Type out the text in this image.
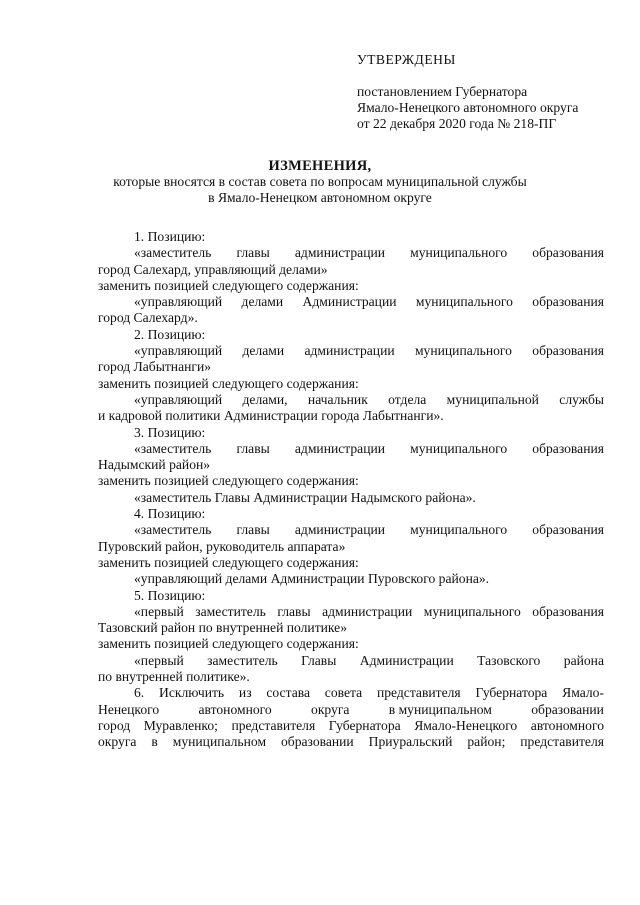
УТВЕРЖДЕНЫ
постановлением Губернатора
Ямало-Ненецкого автономного округа
от 22 декабря 2020 года № 218-ПГ
ИЗМЕНЕНИЯ,
которые вносятся в состав совета по вопросам муниципальной службы
в Ямало-Ненецком автономном округе

1. Позицию:

«заместитель главы администрации муниципального образования

город Салехард, управляющий делами»

заменить позицией следующего содержания:

«управляющий делами Администрации муниципального образования

город Салехард».

2. Позицию:

«управляющий делами администрации муниципального образования

город Лабытнанги»

заменить позицией следующего содержания:

«управляющий делами, начальник отдела муниципальной службы

и кадровой политики Администрации города Лабытнанги».

3. Позицию:

«заместитель главы администрации муниципального образования

Надымский район»

заменить позицией следующего содержания:

«заместитель Главы Администрации Надымского района».

4. Позицию:

«заместитель главы администрации муниципального образования

Пуровский район, руководитель аппарата»

заменить позицией следующего содержания:

«управляющий делами Администрации Пуровского района».

5. Позицию:

«первый заместитель главы администрации муниципального образования

Тазовский район по внутренней политике»

заменить позицией следующего содержания:

«первый заместитель Главы Администрации Тазовского района

по внутренней политике».

6. Исключить из состава совета представителя Губернатора Ямало-

Ненецкого	автономного	округа	в муниципальном	образовании

город Муравленко; представителя Губернатора Ямало-Ненецкого автономного

округа в муниципальном образовании Приуральский район; представителя
